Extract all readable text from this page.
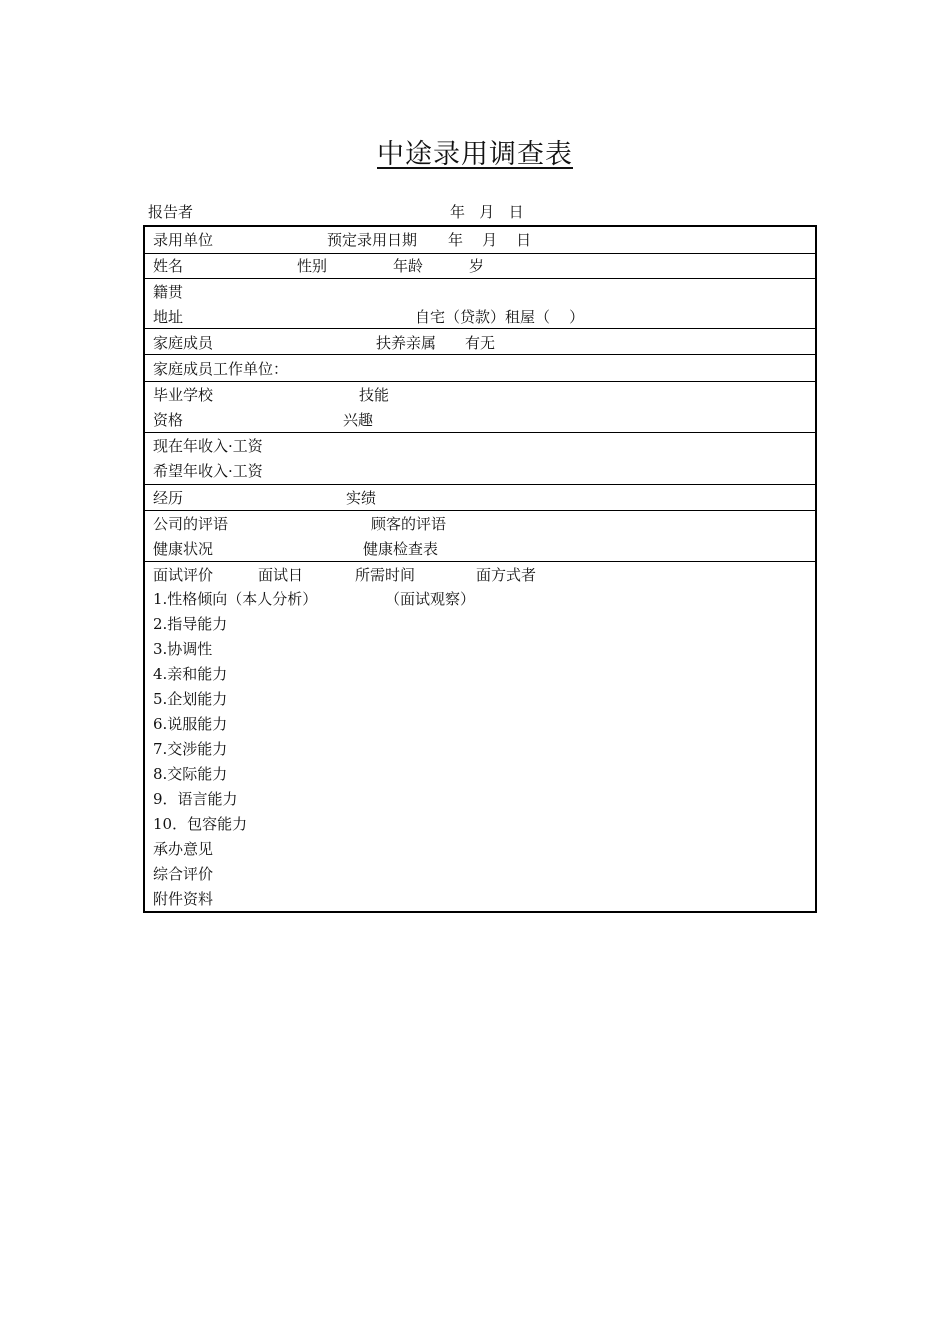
中途录用调查表
报告者	年   月   日
录用单位	预定录用日期 年    月    日
姓名	性别	年龄	岁
籍贯
地址	自宅（贷款）租屋（    ）
家庭成员	扶养亲属 有无
家庭成员工作单位：
毕业学校	技能
资格	兴趣
现在年收入·工资
希望年收入·工资
经历	实绩
公司的评语	顾客的评语
健康状况	健康检查表
面试评价	面试日	所需时间	面方式者
1.性格倾向（本人分析）	（面试观察）
2.指导能力
3.协调性
4.亲和能力
5.企划能力
6.说服能力
7.交涉能力
8.交际能力
9．语言能力
10．包容能力
承办意见
综合评价
附件资料
